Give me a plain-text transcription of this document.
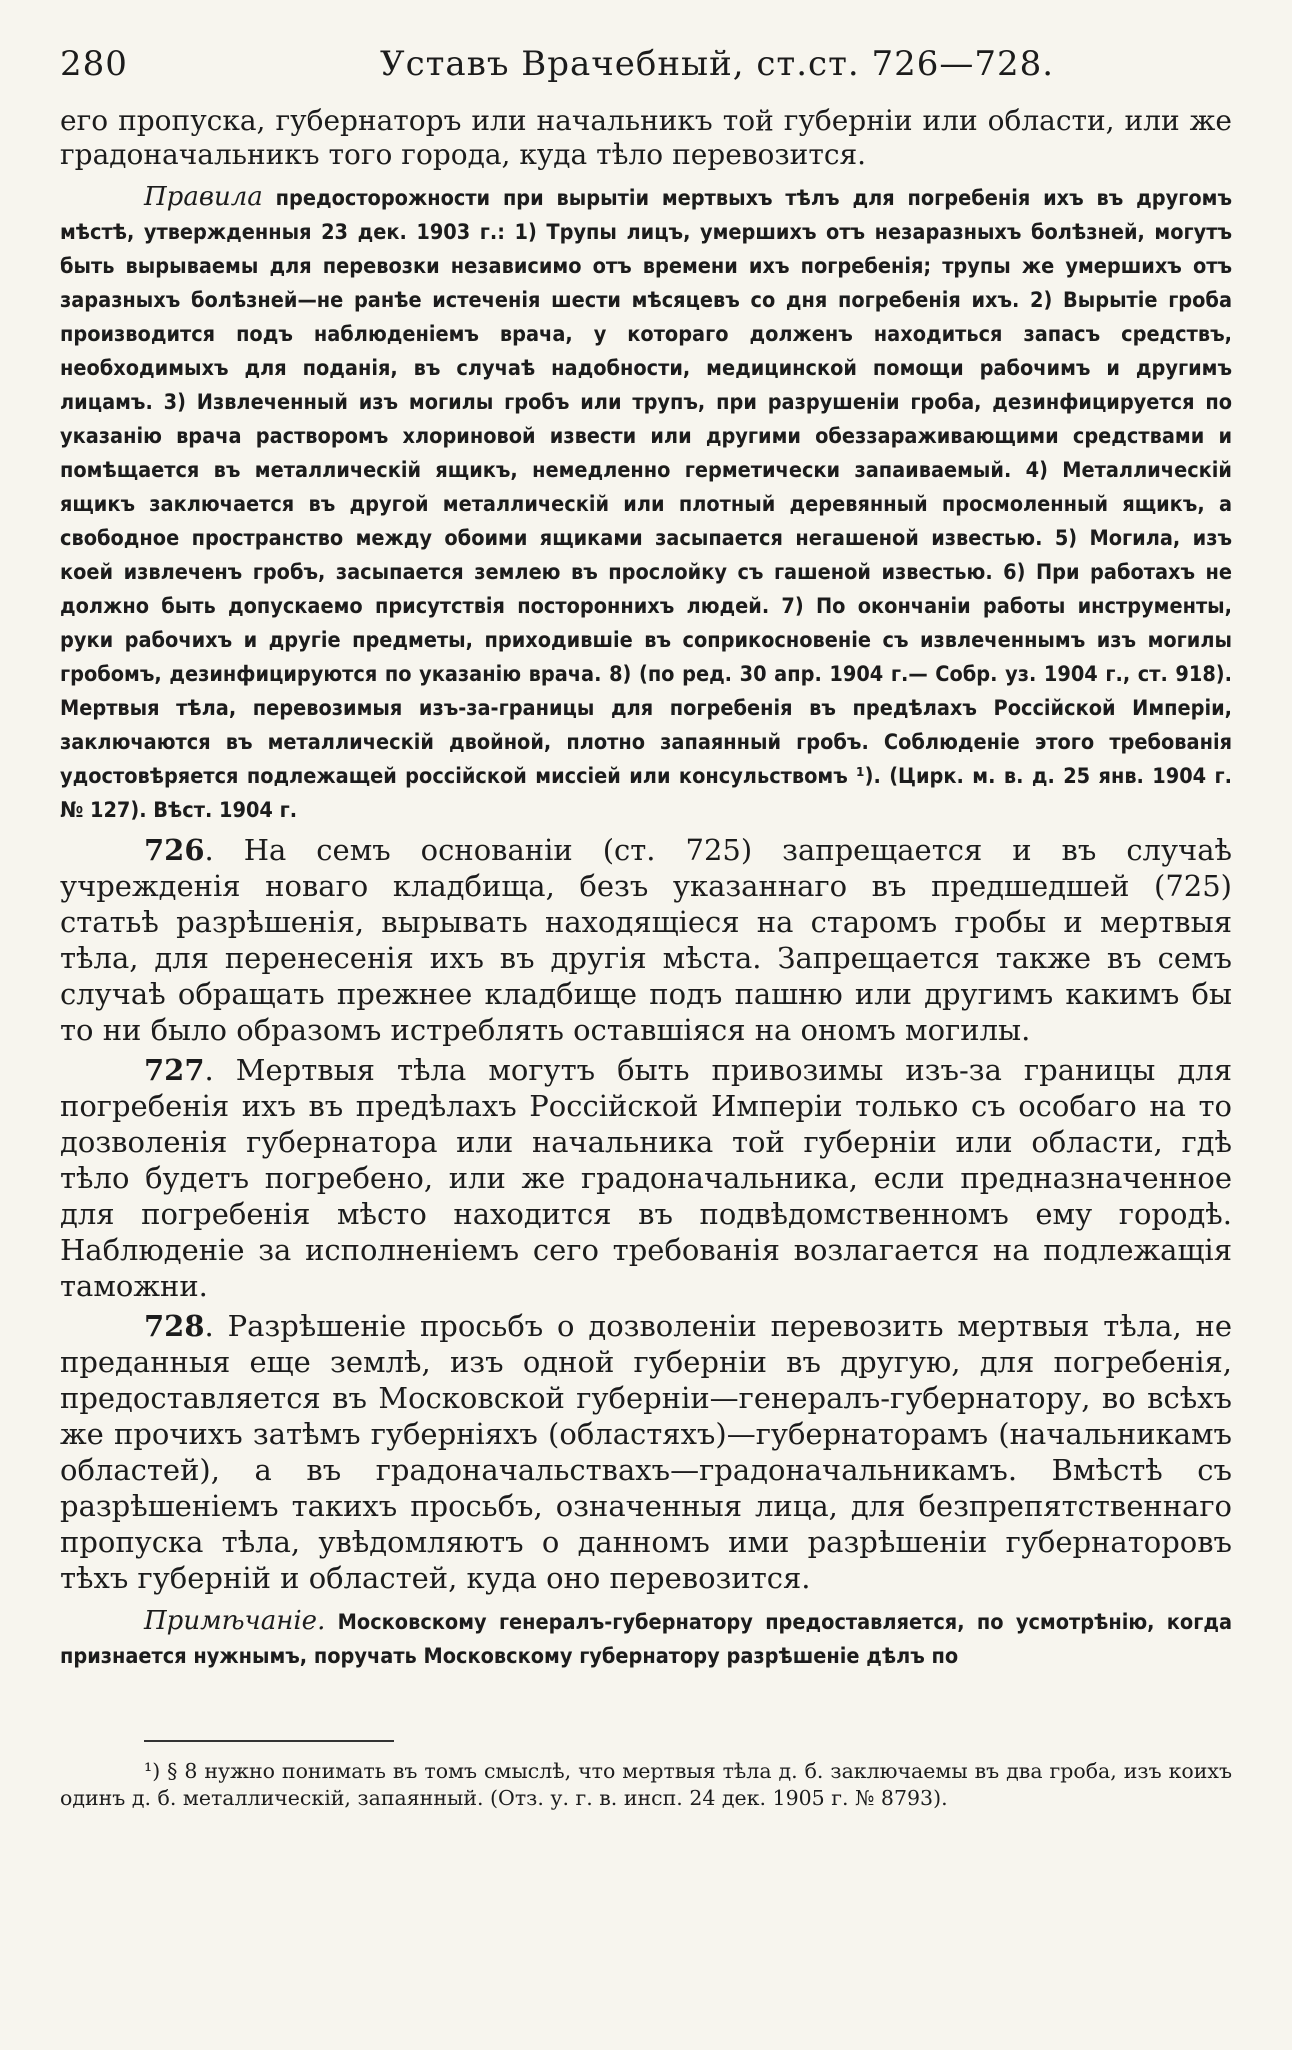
280	Уставъ Врачебный, ст.ст. 726—728.

его пропуска, губернаторъ или начальникъ той губерніи или области, или же градоначальникъ того города, куда тѣло перевозится.

Правила предосторожности при вырытіи мертвыхъ тѣлъ для погребенія ихъ въ другомъ мѣстѣ, утвержденныя 23 дек. 1903 г.: 1) Трупы лицъ, умершихъ отъ незаразныхъ болѣзней, могутъ быть вырываемы для перевозки независимо отъ времени ихъ погребенія; трупы же умершихъ отъ заразныхъ болѣзней—не ранѣе истеченія шести мѣсяцевъ со дня погребенія ихъ. 2) Вырытіе гроба производится подъ наблюденіемъ врача, у котораго долженъ находиться запасъ средствъ, необходимыхъ для поданія, въ случаѣ надобности, медицинской помощи рабочимъ и другимъ лицамъ. 3) Извлеченный изъ могилы гробъ или трупъ, при разрушеніи гроба, дезинфицируется по указанію врача растворомъ хлориновой извести или другими обеззараживающими средствами и помѣщается въ металлическій ящикъ, немедленно герметически запаиваемый. 4) Металлическій ящикъ заключается въ другой металлическій или плотный деревянный просмоленный ящикъ, а свободное пространство между обоими ящиками засыпается негашеной известью. 5) Могила, изъ коей извлеченъ гробъ, засыпается землею въ прослойку съ гашеной известью. 6) При работахъ не должно быть допускаемо присутствія постороннихъ людей. 7) По окончаніи работы инструменты, руки рабочихъ и другіе предметы, приходившіе въ соприкосновеніе съ извлеченнымъ изъ могилы гробомъ, дезинфицируются по указанію врача. 8) (по ред. 30 апр. 1904 г.— Собр. уз. 1904 г., ст. 918). Мертвыя тѣла, перевозимыя изъ-за-границы для погребенія въ предѣлахъ Россійской Имперіи, заключаются въ металлическій двойной, плотно запаянный гробъ. Соблюденіе этого требованія удостовѣряется подлежащей россійской миссіей или консульствомъ ¹). (Цирк. м. в. д. 25 янв. 1904 г. № 127). Вѣст. 1904 г.

726. На семъ основаніи (ст. 725) запрещается и въ случаѣ учрежденія новаго кладбища, безъ указаннаго въ предшедшей (725) статьѣ разрѣшенія, вырывать находящіеся на старомъ гробы и мертвыя тѣла, для перенесенія ихъ въ другія мѣста. Запрещается также въ семъ случаѣ обращать прежнее кладбище подъ пашню или другимъ какимъ бы то ни было образомъ истреблять оставшіяся на ономъ могилы.

727. Мертвыя тѣла могутъ быть привозимы изъ-за границы для погребенія ихъ въ предѣлахъ Россійской Имперіи только съ особаго на то дозволенія губернатора или начальника той губерніи или области, гдѣ тѣло будетъ погребено, или же градоначальника, если предназначенное для погребенія мѣсто находится въ подвѣдомственномъ ему городѣ. Наблюденіе за исполненіемъ сего требованія возлагается на подлежащія таможни.

728. Разрѣшеніе просьбъ о дозволеніи перевозить мертвыя тѣла, не преданныя еще землѣ, изъ одной губерніи въ другую, для погребенія, предоставляется въ Московской губерніи—генералъ-губернатору, во всѣхъ же прочихъ затѣмъ губерніяхъ (областяхъ)—губернаторамъ (начальникамъ областей), а въ градоначальствахъ—градоначальникамъ. Вмѣстѣ съ разрѣшеніемъ такихъ просьбъ, означенныя лица, для безпрепятственнаго пропуска тѣла, увѣдомляютъ о данномъ ими разрѣшеніи губернаторовъ тѣхъ губерній и областей, куда оно перевозится.

Примѣчаніе. Московскому генералъ-губернатору предоставляется, по усмотрѣнію, когда признается нужнымъ, поручать Московскому губернатору разрѣшеніе дѣлъ по

¹) § 8 нужно понимать въ томъ смыслѣ, что мертвыя тѣла д. б. заключаемы въ два гроба, изъ коихъ одинъ д. б. металлическій, запаянный. (Отз. у. г. в. инсп. 24 дек. 1905 г. № 8793).
